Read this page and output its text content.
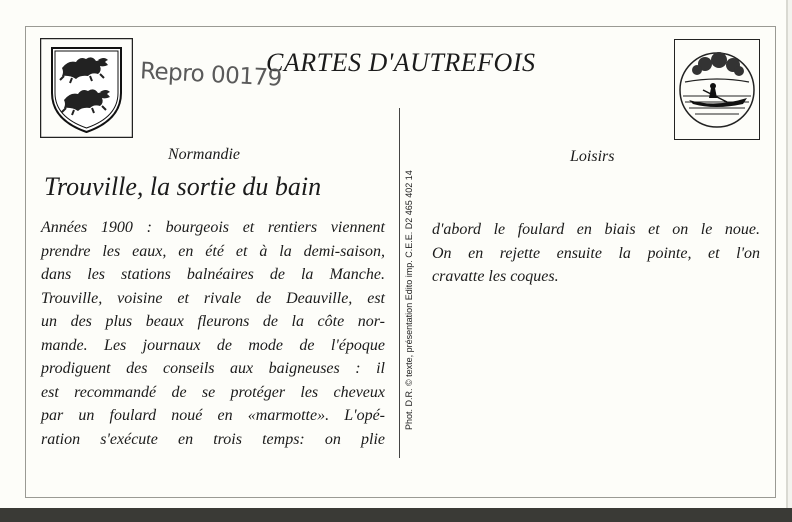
CARTES D'AUTREFOIS
Repro 00179
Normandie	Loisirs
Phot. D.R. © texte, présentation Edito imp. C.E.E. D2 465 402 14
Trouville, la sortie du bain
Années 1900 : bourgeois et rentiers viennent
prendre les eaux, en été et à la demi-saison,
dans les stations balnéaires de la Manche.
Trouville, voisine et rivale de Deauville, est
un des plus beaux fleurons de la côte nor-
mande. Les journaux de mode de l'époque
prodiguent des conseils aux baigneuses : il
est recommandé de se protéger les cheveux
par un foulard noué en «marmotte». L'opé-
ration s'exécute en trois temps: on plie
d'abord le foulard en biais et on le noue.
On en rejette ensuite la pointe, et l'on
cravatte les coques.
